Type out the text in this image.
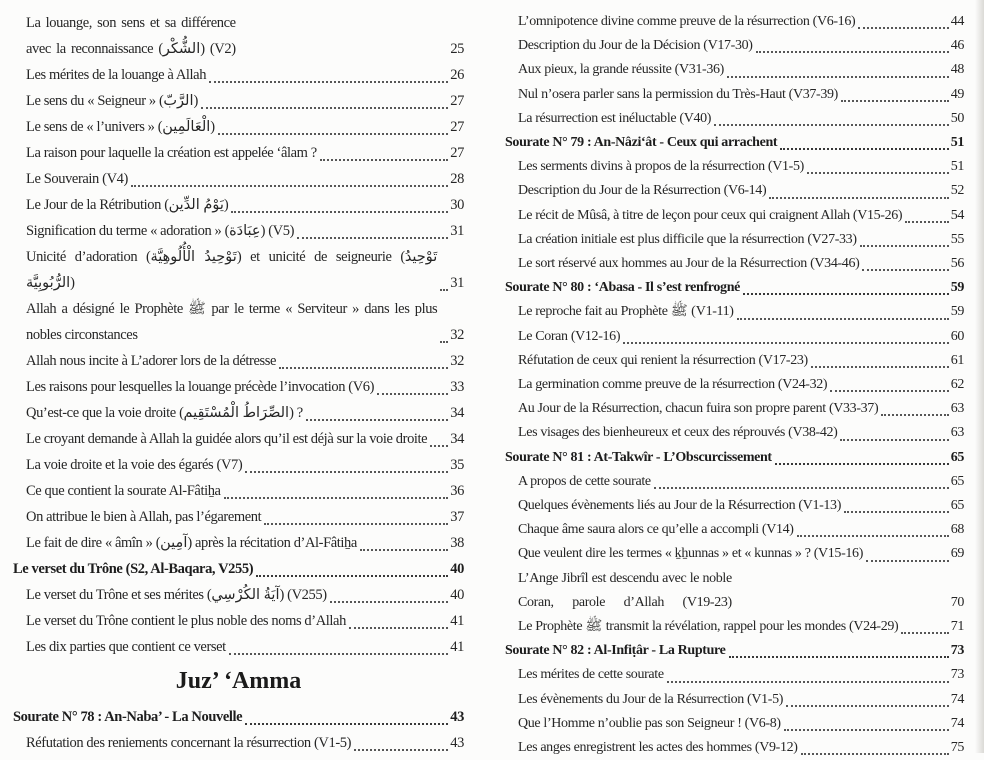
La louange, son sens et sa différence avec la reconnaissance (الشُّكْر) (V2)	25
Les mérites de la louange à Allah	26
Le sens du « Seigneur » (الرَّبّ)	27
Le sens de « l’univers » (الْعَالَمِين)	27
La raison pour laquelle la création est appelée ‘âlam ?	27
Le Souverain (V4)	28
Le Jour de la Rétribution (يَوْمُ الدِّين)	30
Signification du terme « adoration » (عِبَادَة) (V5)	31
Unicité d’adoration (تَوْحِيدُ الْأُلُوهِيَّة) et unicité de seigneurie (تَوْحِيدُ الرُّبُوبِيَّة)	31
Allah a désigné le Prophète ﷺ par le terme « Serviteur » dans les plus nobles circonstances	32
Allah nous incite à L’adorer lors de la détresse	32
Les raisons pour lesquelles la louange précède l’invocation (V6)	33
Qu’est-ce que la voie droite (الصِّرَاطُ الْمُسْتَقِيم) ?	34
Le croyant demande à Allah la guidée alors qu’il est déjà sur la voie droite 34
La voie droite et la voie des égarés (V7)	35
Ce que contient la sourate Al-Fâtiẖa	36
On attribue le bien à Allah, pas l’égarement	37
Le fait de dire « âmîn » (آمِين) après la récitation d’Al-Fâtiẖa	38
Le verset du Trône (S2, Al-Baqara, V255)	40
Le verset du Trône et ses mérites (آيَةُ الكُرْسِي) (V255)	40
Le verset du Trône contient le plus noble des noms d’Allah	41
Les dix parties que contient ce verset	41
Juz’ ‘Amma
Sourate N° 78 : An-Naba’ - La Nouvelle	43
Réfutation des reniements concernant la résurrection (V1-5)	43
L’omnipotence divine comme preuve de la résurrection (V6-16)	44
Description du Jour de la Décision (V17-30)	46
Aux pieux, la grande réussite (V31-36)	48
Nul n’osera parler sans la permission du Très-Haut (V37-39)	49
La résurrection est inéluctable (V40)	50
Sourate N° 79 : An-Nâzi‘ât - Ceux qui arrachent	51
Les serments divins à propos de la résurrection (V1-5)	51
Description du Jour de la Résurrection (V6-14)	52
Le récit de Mûsâ, à titre de leçon pour ceux qui craignent Allah (V15-26)	54
La création initiale est plus difficile que la résurrection (V27-33)	55
Le sort réservé aux hommes au Jour de la Résurrection (V34-46)	56
Sourate N° 80 : ‘Abasa - Il s’est renfrogné	59
Le reproche fait au Prophète ﷺ (V1-11)	59
Le Coran (V12-16)	60
Réfutation de ceux qui renient la résurrection (V17-23)	61
La germination comme preuve de la résurrection (V24-32)	62
Au Jour de la Résurrection, chacun fuira son propre parent (V33-37)	63
Les visages des bienheureux et ceux des réprouvés (V38-42)	63
Sourate N° 81 : At-Takwîr - L’Obscurcissement	65
A propos de cette sourate	65
Quelques évènements liés au Jour de la Résurrection (V1-13)	65
Chaque âme saura alors ce qu’elle a accompli (V14)	68
Que veulent dire les termes « ḵẖunnas » et « kunnas » ? (V15-16)	69
L’Ange Jibrîl est descendu avec le noble Coran, parole d’Allah (V19-23)	70
Le Prophète ﷺ transmit la révélation, rappel pour les mondes (V24-29)	71
Sourate N° 82 : Al-Infiṭâr - La Rupture	73
Les mérites de cette sourate	73
Les évènements du Jour de la Résurrection (V1-5)	74
Que l’Homme n’oublie pas son Seigneur ! (V6-8)	74
Les anges enregistrent les actes des hommes (V9-12)	75
